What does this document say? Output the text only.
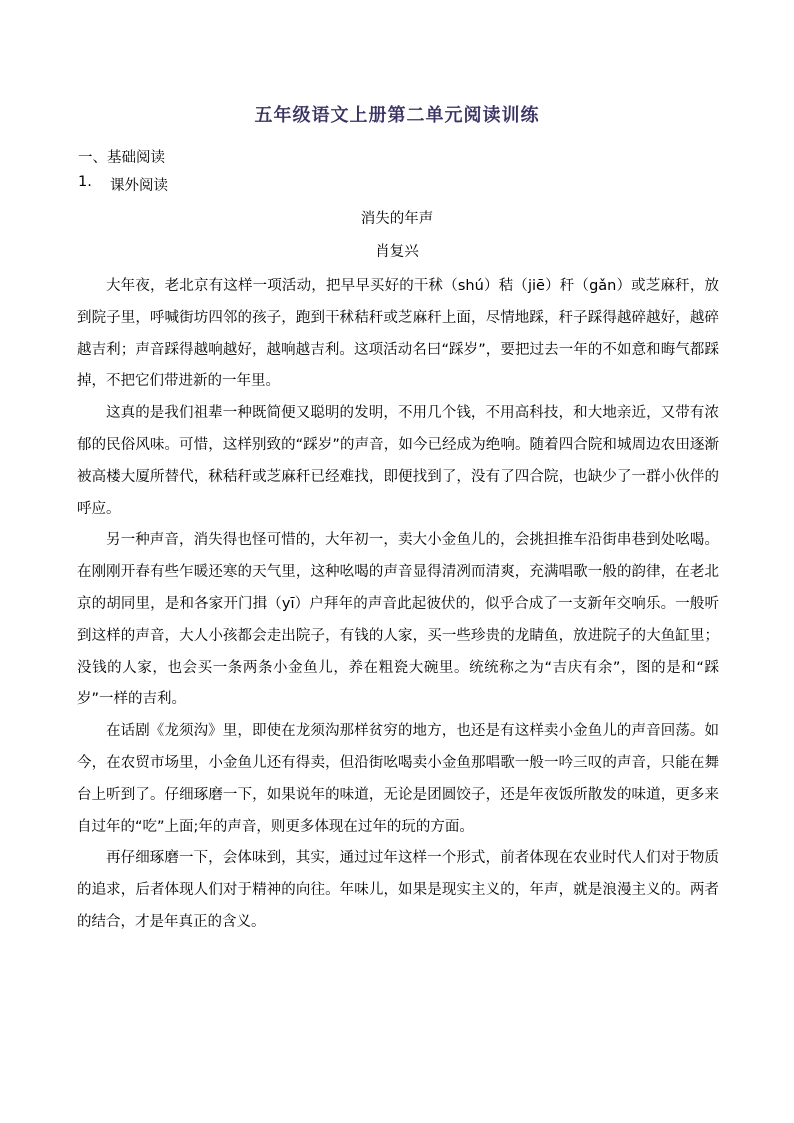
五年级语文上册第二单元阅读训练
一、基础阅读
1. 课外阅读
消失的年声
肖复兴

大年夜，老北京有这样一项活动，把早早买好的干秫（shú）秸（jiē）秆（gǎn）或芝麻秆，放到院子里，呼喊街坊四邻的孩子，跑到干秫秸秆或芝麻秆上面，尽情地踩，秆子踩得越碎越好，越碎越吉利；声音踩得越响越好，越响越吉利。这项活动名曰“踩岁”，要把过去一年的不如意和晦气都踩掉，不把它们带进新的一年里。

这真的是我们祖辈一种既简便又聪明的发明，不用几个钱，不用高科技，和大地亲近，又带有浓郁的民俗风味。可惜，这样别致的“踩岁”的声音，如今已经成为绝响。随着四合院和城周边农田逐渐被高楼大厦所替代，秫秸秆或芝麻秆已经难找，即便找到了，没有了四合院，也缺少了一群小伙伴的呼应。

另一种声音，消失得也怪可惜的，大年初一，卖大小金鱼儿的，会挑担推车沿街串巷到处吆喝。在刚刚开春有些乍暖还寒的天气里，这种吆喝的声音显得清冽而清爽，充满唱歌一般的韵律，在老北京的胡同里，是和各家开门揖（yī）户拜年的声音此起彼伏的，似乎合成了一支新年交响乐。一般听到这样的声音，大人小孩都会走出院子，有钱的人家，买一些珍贵的龙睛鱼，放进院子的大鱼缸里；没钱的人家，也会买一条两条小金鱼儿，养在粗瓷大碗里。统统称之为“吉庆有余”，图的是和“踩岁”一样的吉利。

在话剧《龙须沟》里，即使在龙须沟那样贫穷的地方，也还是有这样卖小金鱼儿的声音回荡。如今，在农贸市场里，小金鱼儿还有得卖，但沿街吆喝卖小金鱼那唱歌一般一吟三叹的声音，只能在舞台上听到了。仔细琢磨一下，如果说年的味道，无论是团圆饺子，还是年夜饭所散发的味道，更多来自过年的“吃”上面;年的声音，则更多体现在过年的玩的方面。

再仔细琢磨一下，会体味到，其实，通过过年这样一个形式，前者体现在农业时代人们对于物质的追求，后者体现人们对于精神的向往。年味儿，如果是现实主义的，年声，就是浪漫主义的。两者的结合，才是年真正的含义。
